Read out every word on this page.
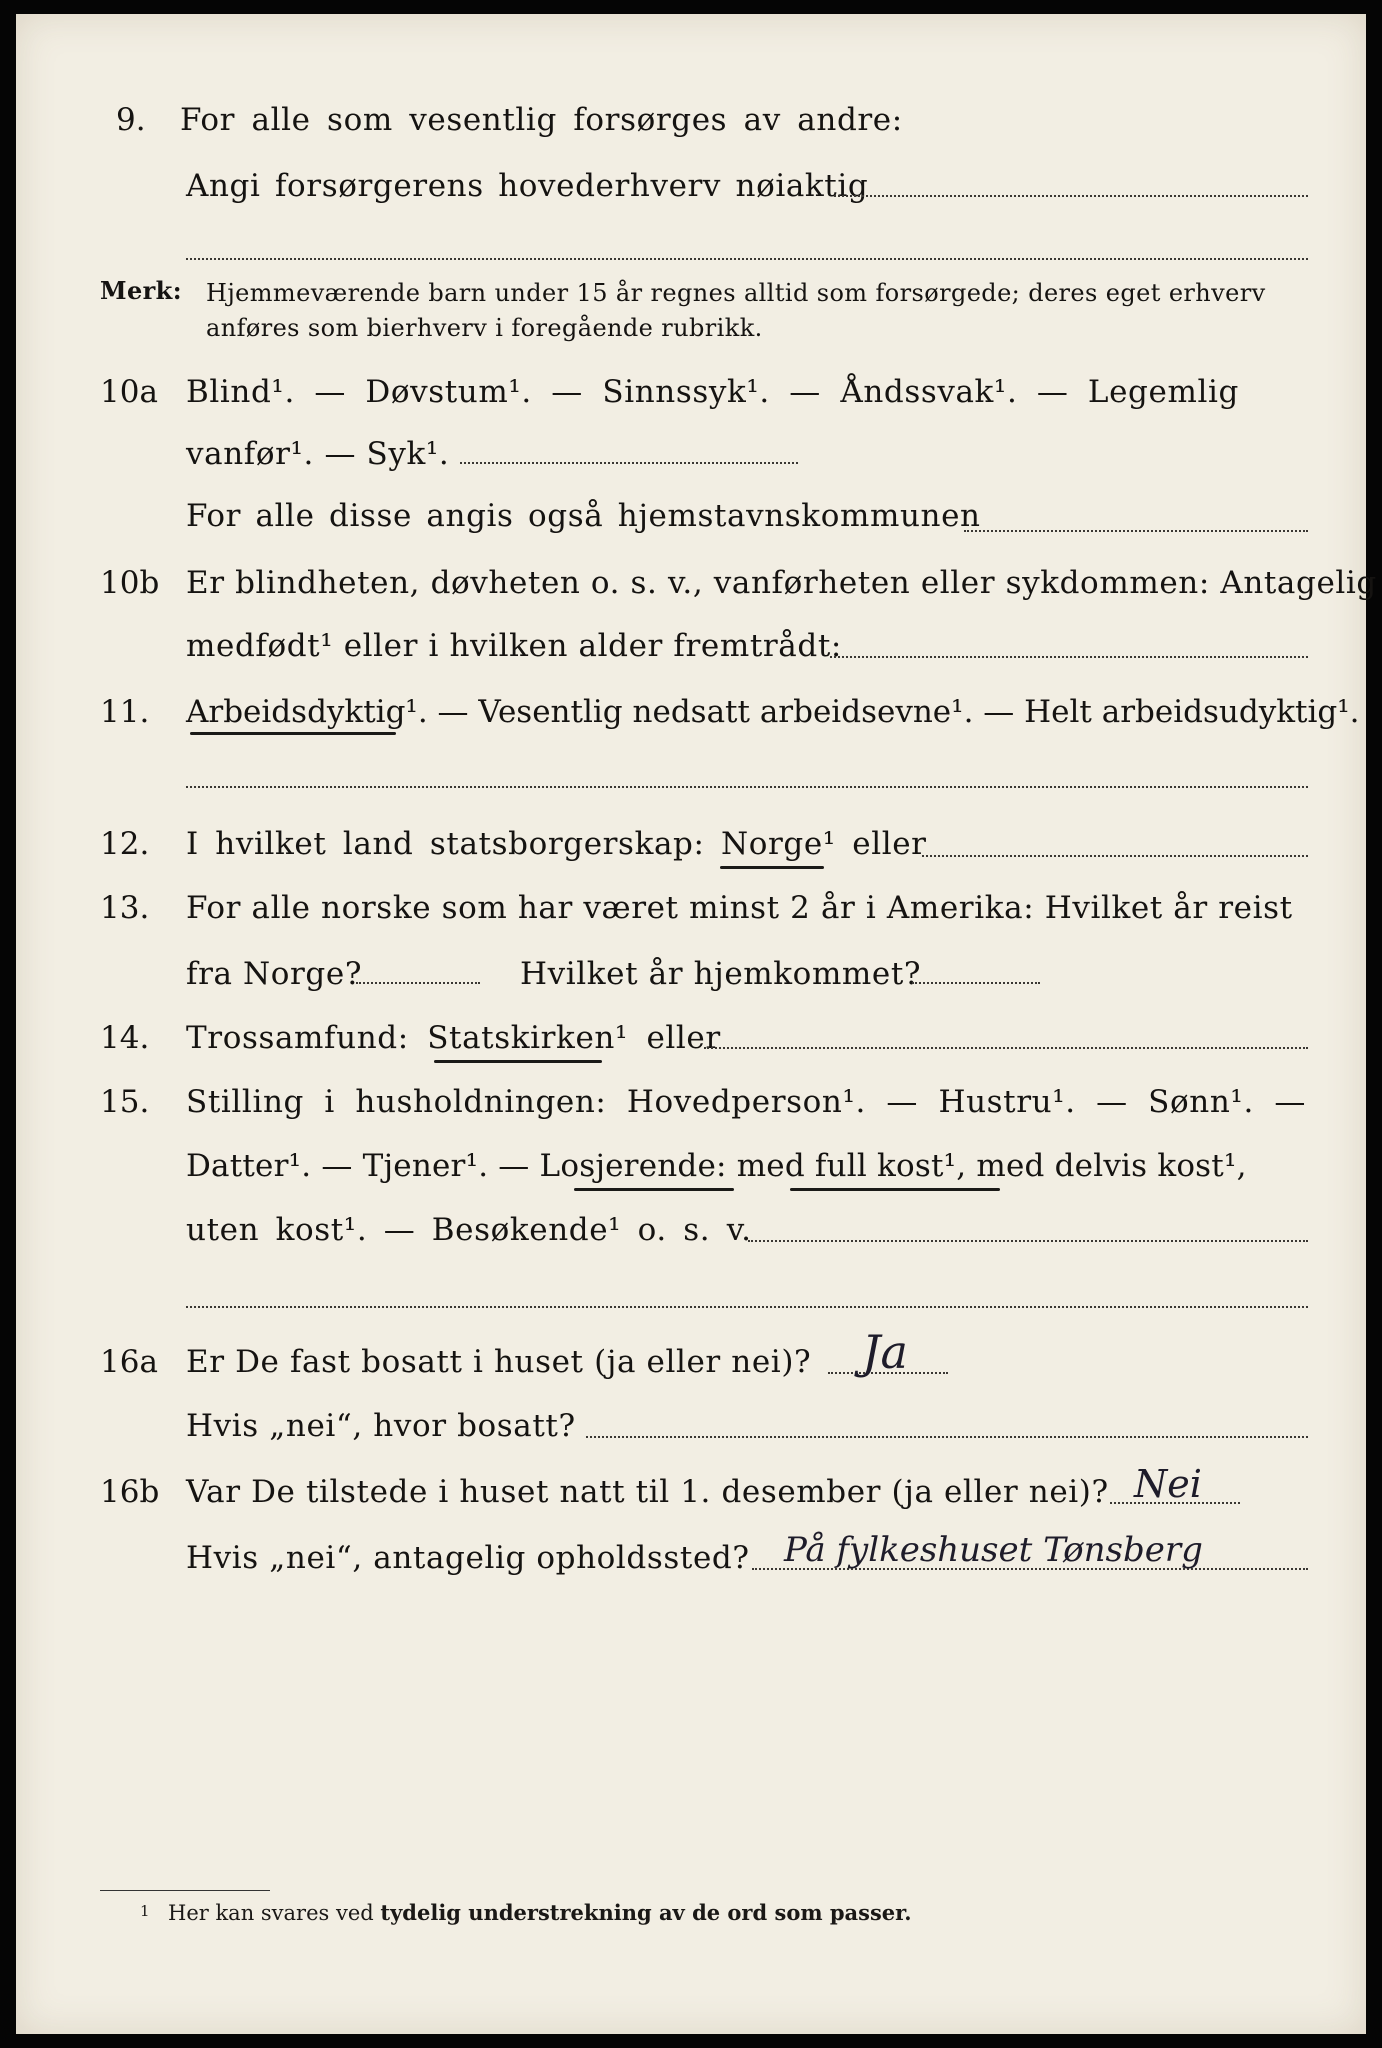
9. For alle som vesentlig forsørges av andre:
Angi forsørgerens hovederhverv nøiaktig
Merk: Hjemmeværende barn under 15 år regnes alltid som forsørgede; deres eget erhverv
anføres som bierhverv i foregående rubrikk.
10a Blind¹. — Døvstum¹. — Sinnssyk¹. — Åndssvak¹. — Legemlig
vanfør¹. — Syk¹.
For alle disse angis også hjemstavnskommunen
10b Er blindheten, døvheten o. s. v., vanførheten eller sykdommen: Antagelig
medfødt¹ eller i hvilken alder fremtrådt:
11. Arbeidsdyktig¹. — Vesentlig nedsatt arbeidsevne¹. — Helt arbeidsudyktig¹.
12. I hvilket land statsborgerskap: Norge¹ eller
13. For alle norske som har været minst 2 år i Amerika: Hvilket år reist
fra Norge?	Hvilket år hjemkommet?
14. Trossamfund: Statskirken¹ eller
15. Stilling i husholdningen: Hovedperson¹. — Hustru¹. — Sønn¹. —
Datter¹. — Tjener¹. — Losjerende: med full kost¹, med delvis kost¹,
uten kost¹. — Besøkende¹ o. s. v.
16a Er De fast bosatt i huset (ja eller nei)? Ja
Hvis „nei“, hvor bosatt?
16b Var De tilstede i huset natt til 1. desember (ja eller nei)? Nei
Hvis „nei“, antagelig opholdssted? På fylkeshuset Tønsberg
1 Her kan svares ved tydelig understrekning av de ord som passer.
